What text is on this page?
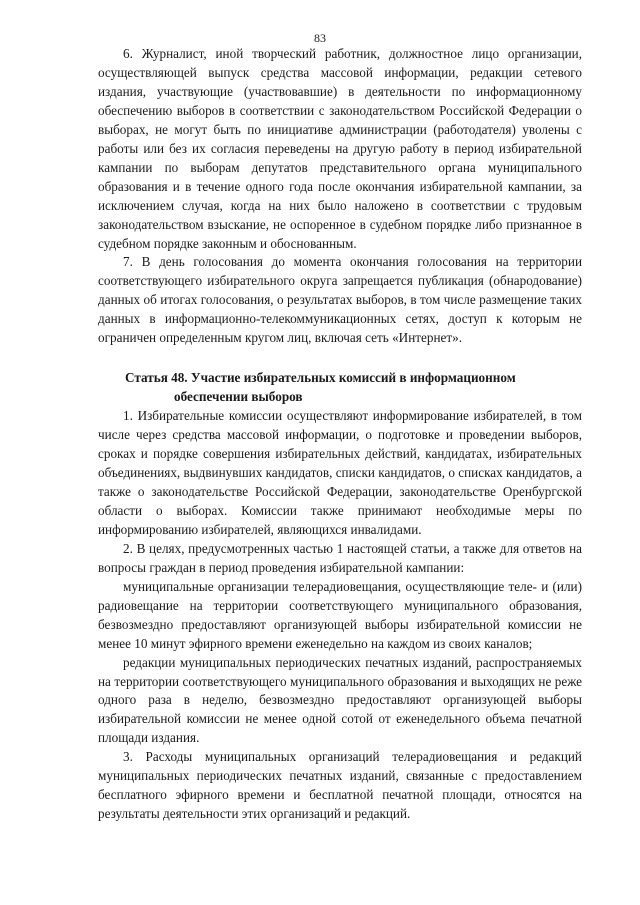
83

6. Журналист, иной творческий работник, должностное лицо организации, осуществляющей выпуск средства массовой информации, редакции сетевого издания, участвующие (участвовавшие) в деятельности по информационному обеспечению выборов в соответствии с законодательством Российской Федерации о выборах, не могут быть по инициативе администрации (работодателя) уволены с работы или без их согласия переведены на другую работу в период избирательной кампании по выборам депутатов представительного органа муниципального образования и в течение одного года после окончания избирательной кампании, за исключением случая, когда на них было наложено в соответствии с трудовым законодательством взыскание, не оспоренное в судебном порядке либо признанное в судебном порядке законным и обоснованным.

7. В день голосования до момента окончания голосования на территории соответствующего избирательного округа запрещается публикация (обнародование) данных об итогах голосования, о результатах выборов, в том числе размещение таких данных в информационно-телекоммуникационных сетях, доступ к которым не ограничен определенным кругом лиц, включая сеть «Интернет».

Статья 48. Участие избирательных комиссий в информационном
обеспечении выборов

1. Избирательные комиссии осуществляют информирование избирателей, в том числе через средства массовой информации, о подготовке и проведении выборов, сроках и порядке совершения избирательных действий, кандидатах, избирательных объединениях, выдвинувших кандидатов, списки кандидатов, о списках кандидатов, а также о законодательстве Российской Федерации, законодательстве Оренбургской области о выборах. Комиссии также принимают необходимые меры по информированию избирателей, являющихся инвалидами.

2. В целях, предусмотренных частью 1 настоящей статьи, а также для ответов на вопросы граждан в период проведения избирательной кампании:

муниципальные организации телерадиовещания, осуществляющие теле- и (или) радиовещание на территории соответствующего муниципального образования, безвозмездно предоставляют организующей выборы избирательной комиссии не менее 10 минут эфирного времени еженедельно на каждом из своих каналов;

редакции муниципальных периодических печатных изданий, распространяемых на территории соответствующего муниципального образования и выходящих не реже одного раза в неделю, безвозмездно предоставляют организующей выборы избирательной комиссии не менее одной сотой от еженедельного объема печатной площади издания.

3. Расходы муниципальных организаций телерадиовещания и редакций муниципальных периодических печатных изданий, связанные с предоставлением бесплатного эфирного времени и бесплатной печатной площади, относятся на результаты деятельности этих организаций и редакций.
